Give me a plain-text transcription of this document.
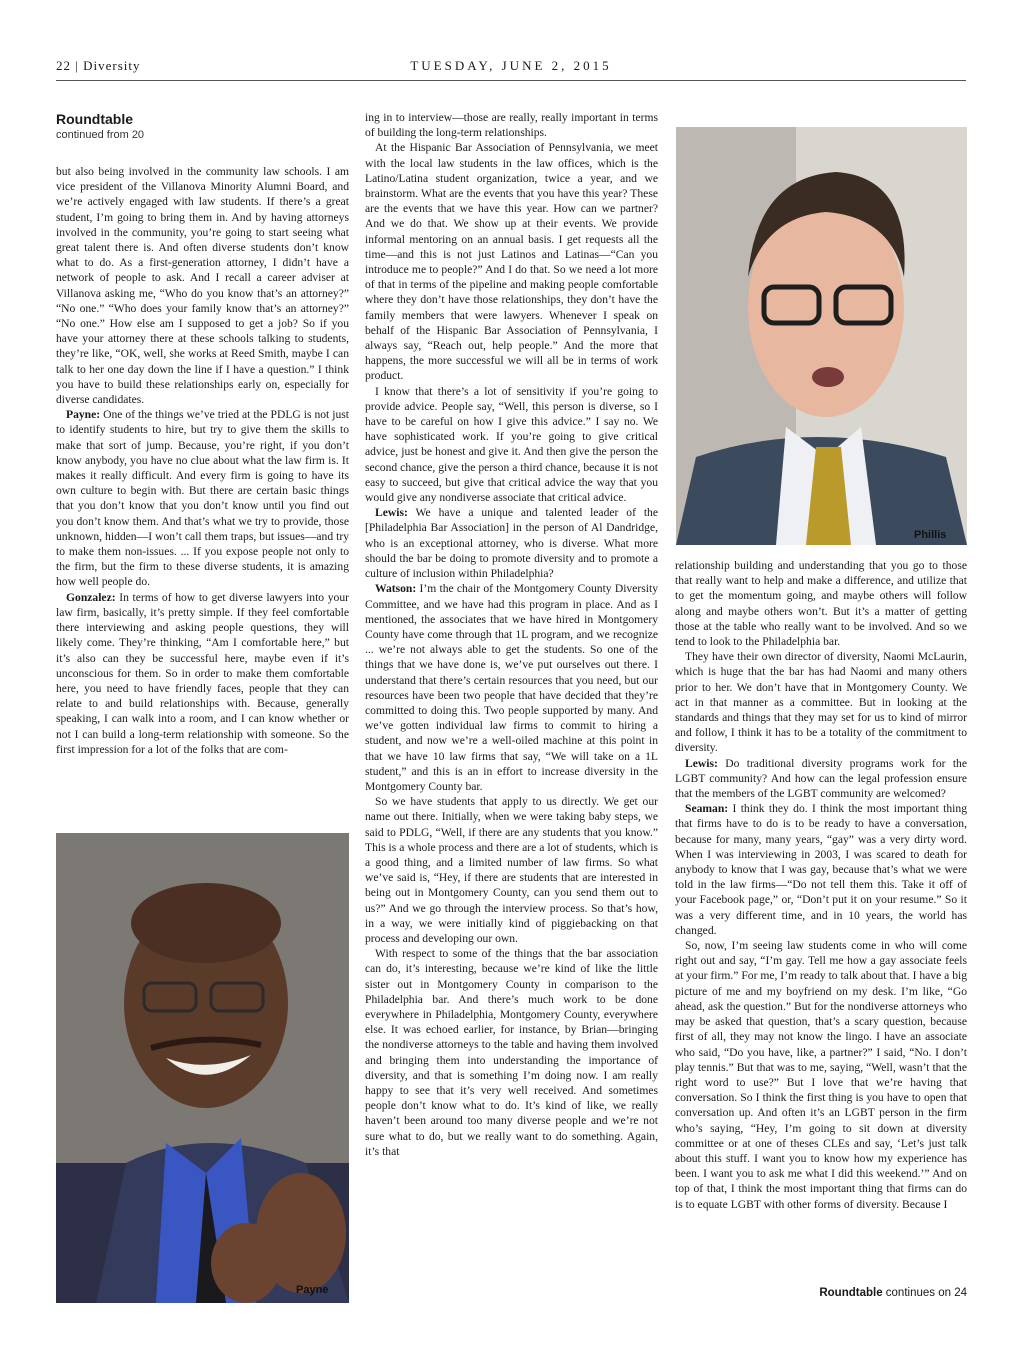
22 | Diversity	TUESDAY, JUNE 2, 2015
Roundtable
continued from 20

but also being involved in the community law schools. I am vice president of the Villanova Minority Alumni Board, and we’re actively engaged with law students. If there’s a great student, I’m going to bring them in. And by having attorneys involved in the community, you’re going to start seeing what great talent there is. And often diverse students don’t know what to do. As a first-generation attorney, I didn’t have a network of people to ask. And I recall a career adviser at Villanova asking me, “Who do you know that’s an attorney?” “No one.” “Who does your family know that’s an attorney?” “No one.” How else am I supposed to get a job? So if you have your attorney there at these schools talking to students, they’re like, “OK, well, she works at Reed Smith, maybe I can talk to her one day down the line if I have a question.” I think you have to build these relationships early on, especially for diverse candidates.

Payne: One of the things we’ve tried at the PDLG is not just to identify students to hire, but try to give them the skills to make that sort of jump. Because, you’re right, if you don’t know anybody, you have no clue about what the law firm is. It makes it really difficult. And every firm is going to have its own culture to begin with. But there are certain basic things that you don’t know that you don’t know until you find out you don’t know them. And that’s what we try to provide, those unknown, hidden—I won’t call them traps, but issues—and try to make them non-issues. ... If you expose people not only to the firm, but the firm to these diverse students, it is amazing how well people do.

Gonzalez: In terms of how to get diverse lawyers into your law firm, basically, it’s pretty simple. If they feel comfortable there interviewing and asking people questions, they will likely come. They’re thinking, “Am I comfortable here,” but it’s also can they be successful here, maybe even if it’s unconscious for them. So in order to make them comfortable here, you need to have friendly faces, people that they can relate to and build relationships with. Because, generally speaking, I can walk into a room, and I can know whether or not I can build a long-term relationship with someone. So the first impression for a lot of the folks that are com-

Payne

ing in to interview—those are really, really important in terms of building the long-term relationships.

At the Hispanic Bar Association of Pennsylvania, we meet with the local law students in the law offices, which is the Latino/Latina student organization, twice a year, and we brainstorm. What are the events that you have this year? These are the events that we have this year. How can we partner? And we do that. We show up at their events. We provide informal mentoring on an annual basis. I get requests all the time—and this is not just Latinos and Latinas—“Can you introduce me to people?” And I do that. So we need a lot more of that in terms of the pipeline and making people comfortable where they don’t have those relationships, they don’t have the family members that were lawyers. Whenever I speak on behalf of the Hispanic Bar Association of Pennsylvania, I always say, “Reach out, help people.” And the more that happens, the more successful we will all be in terms of work product.

I know that there’s a lot of sensitivity if you’re going to provide advice. People say, “Well, this person is diverse, so I have to be careful on how I give this advice.” I say no. We have sophisticated work. If you’re going to give critical advice, just be honest and give it. And then give the person the second chance, give the person a third chance, because it is not easy to succeed, but give that critical advice the way that you would give any nondiverse associate that critical advice.

Lewis: We have a unique and talented leader of the [Philadelphia Bar Association] in the person of Al Dandridge, who is an exceptional attorney, who is diverse. What more should the bar be doing to promote diversity and to promote a culture of inclusion within Philadelphia?

Watson: I’m the chair of the Montgomery County Diversity Committee, and we have had this program in place. And as I mentioned, the associates that we have hired in Montgomery County have come through that 1L program, and we recognize ... we’re not always able to get the students. So one of the things that we have done is, we’ve put ourselves out there. I understand that there’s certain resources that you need, but our resources have been two people that have decided that they’re committed to doing this. Two people supported by many. And we’ve gotten individual law firms to commit to hiring a student, and now we’re a well-oiled machine at this point in that we have 10 law firms that say, “We will take on a 1L student,” and this is an in effort to increase diversity in the Montgomery County bar.

So we have students that apply to us directly. We get our name out there. Initially, when we were taking baby steps, we said to PDLG, “Well, if there are any students that you know.” This is a whole process and there are a lot of students, which is a good thing, and a limited number of law firms. So what we’ve said is, “Hey, if there are students that are interested in being out in Montgomery County, can you send them out to us?” And we go through the interview process. So that’s how, in a way, we were initially kind of piggiebacking on that process and developing our own.

With respect to some of the things that the bar association can do, it’s interesting, because we’re kind of like the little sister out in Montgomery County in comparison to the Philadelphia bar. And there’s much work to be done everywhere in Philadelphia, Montgomery County, everywhere else. It was echoed earlier, for instance, by Brian—bringing the nondiverse attorneys to the table and having them involved and bringing them into understanding the importance of diversity, and that is something I’m doing now. I am really happy to see that it’s very well received. And sometimes people don’t know what to do. It’s kind of like, we really haven’t been around too many diverse people and we’re not sure what to do, but we really want to do something. Again, it’s that

Phillis

relationship building and understanding that you go to those that really want to help and make a difference, and utilize that to get the momentum going, and maybe others will follow along and maybe others won’t. But it’s a matter of getting those at the table who really want to be involved. And so we tend to look to the Philadelphia bar.

They have their own director of diversity, Naomi McLaurin, which is huge that the bar has had Naomi and many others prior to her. We don’t have that in Montgomery County. We act in that manner as a committee. But in looking at the standards and things that they may set for us to kind of mirror and follow, I think it has to be a totality of the commitment to diversity.

Lewis: Do traditional diversity programs work for the LGBT community? And how can the legal profession ensure that the members of the LGBT community are welcomed?

Seaman: I think they do. I think the most important thing that firms have to do is to be ready to have a conversation, because for many, many years, “gay” was a very dirty word. When I was interviewing in 2003, I was scared to death for anybody to know that I was gay, because that’s what we were told in the law firms—“Do not tell them this. Take it off of your Facebook page,” or, “Don’t put it on your resume.” So it was a very different time, and in 10 years, the world has changed.

So, now, I’m seeing law students come in who will come right out and say, “I’m gay. Tell me how a gay associate feels at your firm.” For me, I’m ready to talk about that. I have a big picture of me and my boyfriend on my desk. I’m like, “Go ahead, ask the question.” But for the nondiverse attorneys who may be asked that question, that’s a scary question, because first of all, they may not know the lingo. I have an associate who said, “Do you have, like, a partner?” I said, “No. I don’t play tennis.” But that was to me, saying, “Well, wasn’t that the right word to use?” But I love that we’re having that conversation. So I think the first thing is you have to open that conversation up. And often it’s an LGBT person in the firm who’s saying, “Hey, I’m going to sit down at diversity committee or at one of theses CLEs and say, ‘Let’s just talk about this stuff. I want you to know how my experience has been. I want you to ask me what I did this weekend.’” And on top of that, I think the most important thing that firms can do is to equate LGBT with other forms of diversity. Because I

Roundtable continues on 24
